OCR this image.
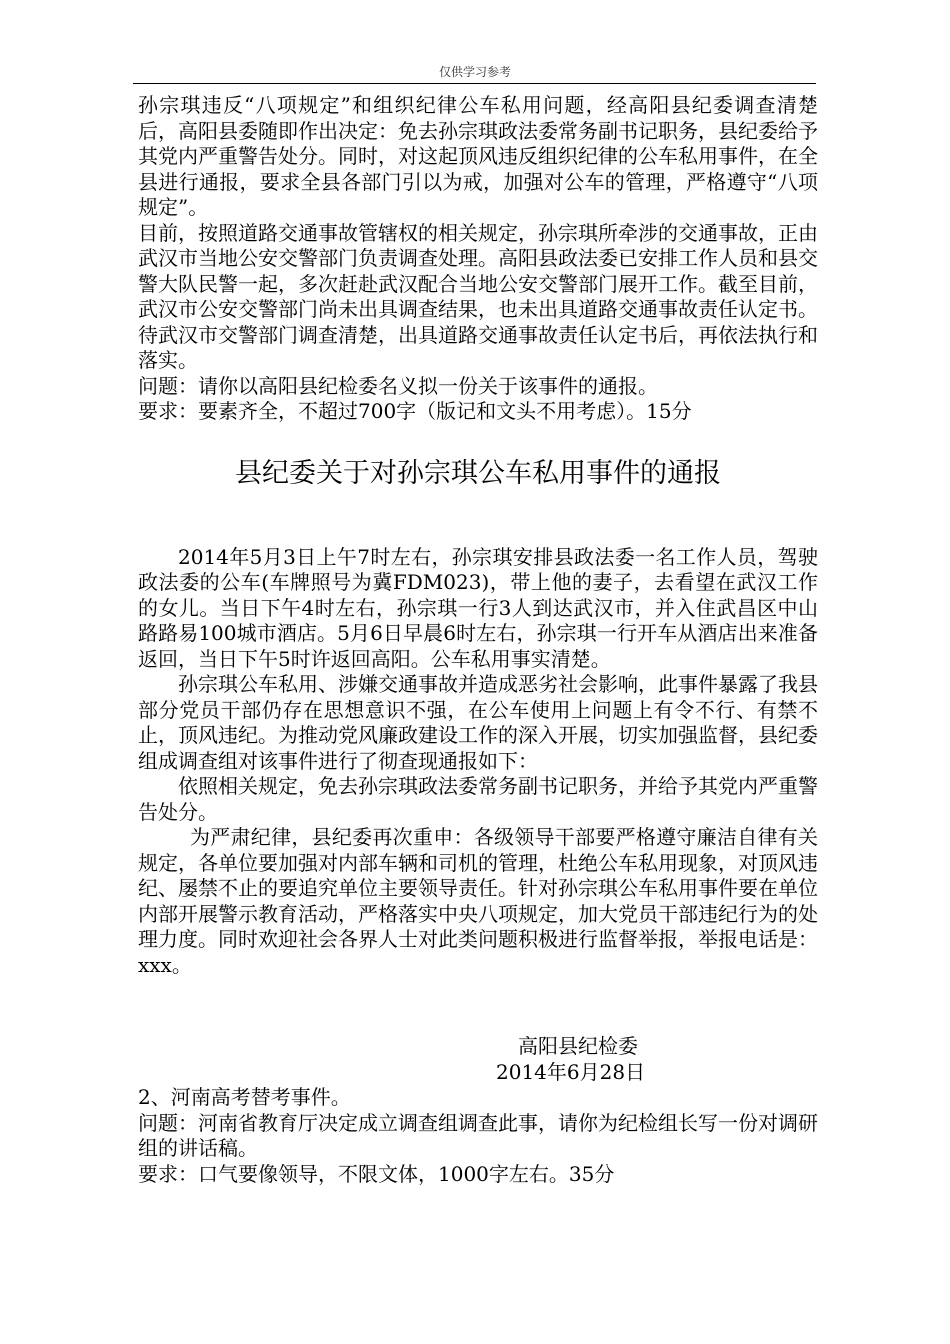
仅供学习参考

孙宗琪违反“八项规定”和组织纪律公车私用问题，经高阳县纪委调查清楚后，高阳县委随即作出决定：免去孙宗琪政法委常务副书记职务，县纪委给予其党内严重警告处分。同时，对这起顶风违反组织纪律的公车私用事件，在全县进行通报，要求全县各部门引以为戒，加强对公车的管理，严格遵守“八项规定”。

目前，按照道路交通事故管辖权的相关规定，孙宗琪所牵涉的交通事故，正由武汉市当地公安交警部门负责调查处理。高阳县政法委已安排工作人员和县交警大队民警一起，多次赶赴武汉配合当地公安交警部门展开工作。截至目前，武汉市公安交警部门尚未出具调查结果，也未出具道路交通事故责任认定书。待武汉市交警部门调查清楚，出具道路交通事故责任认定书后，再依法执行和落实。

问题：请你以高阳县纪检委名义拟一份关于该事件的通报。

要求：要素齐全，不超过700字（版记和文头不用考虑）。15分

县纪委关于对孙宗琪公车私用事件的通报

2014年5月3日上午7时左右，孙宗琪安排县政法委一名工作人员，驾驶政法委的公车(车牌照号为冀FDM023)，带上他的妻子，去看望在武汉工作的女儿。当日下午4时左右，孙宗琪一行3人到达武汉市，并入住武昌区中山路路易100城市酒店。5月6日早晨6时左右，孙宗琪一行开车从酒店出来准备返回，当日下午5时许返回高阳。公车私用事实清楚。

孙宗琪公车私用、涉嫌交通事故并造成恶劣社会影响，此事件暴露了我县部分党员干部仍存在思想意识不强，在公车使用上问题上有令不行、有禁不止，顶风违纪。为推动党风廉政建设工作的深入开展，切实加强监督，县纪委组成调查组对该事件进行了彻查现通报如下：

依照相关规定，免去孙宗琪政法委常务副书记职务，并给予其党内严重警告处分。

为严肃纪律，县纪委再次重申：各级领导干部要严格遵守廉洁自律有关规定，各单位要加强对内部车辆和司机的管理，杜绝公车私用现象，对顶风违纪、屡禁不止的要追究单位主要领导责任。针对孙宗琪公车私用事件要在单位内部开展警示教育活动，严格落实中央八项规定，加大党员干部违纪行为的处理力度。同时欢迎社会各界人士对此类问题积极进行监督举报，举报电话是：xxx。

高阳县纪检委

2014年6月28日

2、河南高考替考事件。

问题：河南省教育厅决定成立调查组调查此事，请你为纪检组长写一份对调研组的讲话稿。

要求：口气要像领导，不限文体，1000字左右。35分
